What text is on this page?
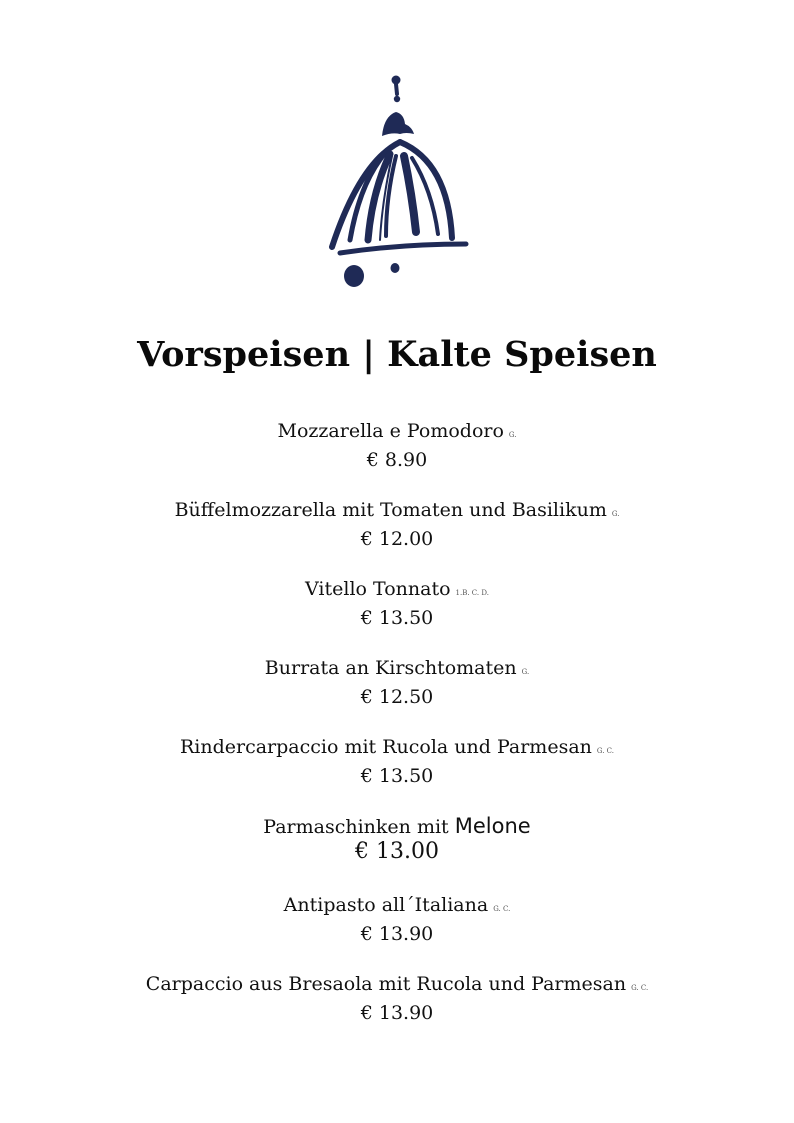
Vorspeisen | Kalte Speisen
Mozzarella e Pomodoro G.
€ 8.90
Büffelmozzarella mit Tomaten und Basilikum G.
€ 12.00
Vitello Tonnato 1.B. C. D.
€ 13.50
Burrata an Kirschtomaten G.
€ 12.50
Rindercarpaccio mit Rucola und Parmesan G. C.
€ 13.50
Parmaschinken mit Melone
€ 13.00
Antipasto all´Italiana G. C.
€ 13.90
Carpaccio aus Bresaola mit Rucola und Parmesan G. C.
€ 13.90
